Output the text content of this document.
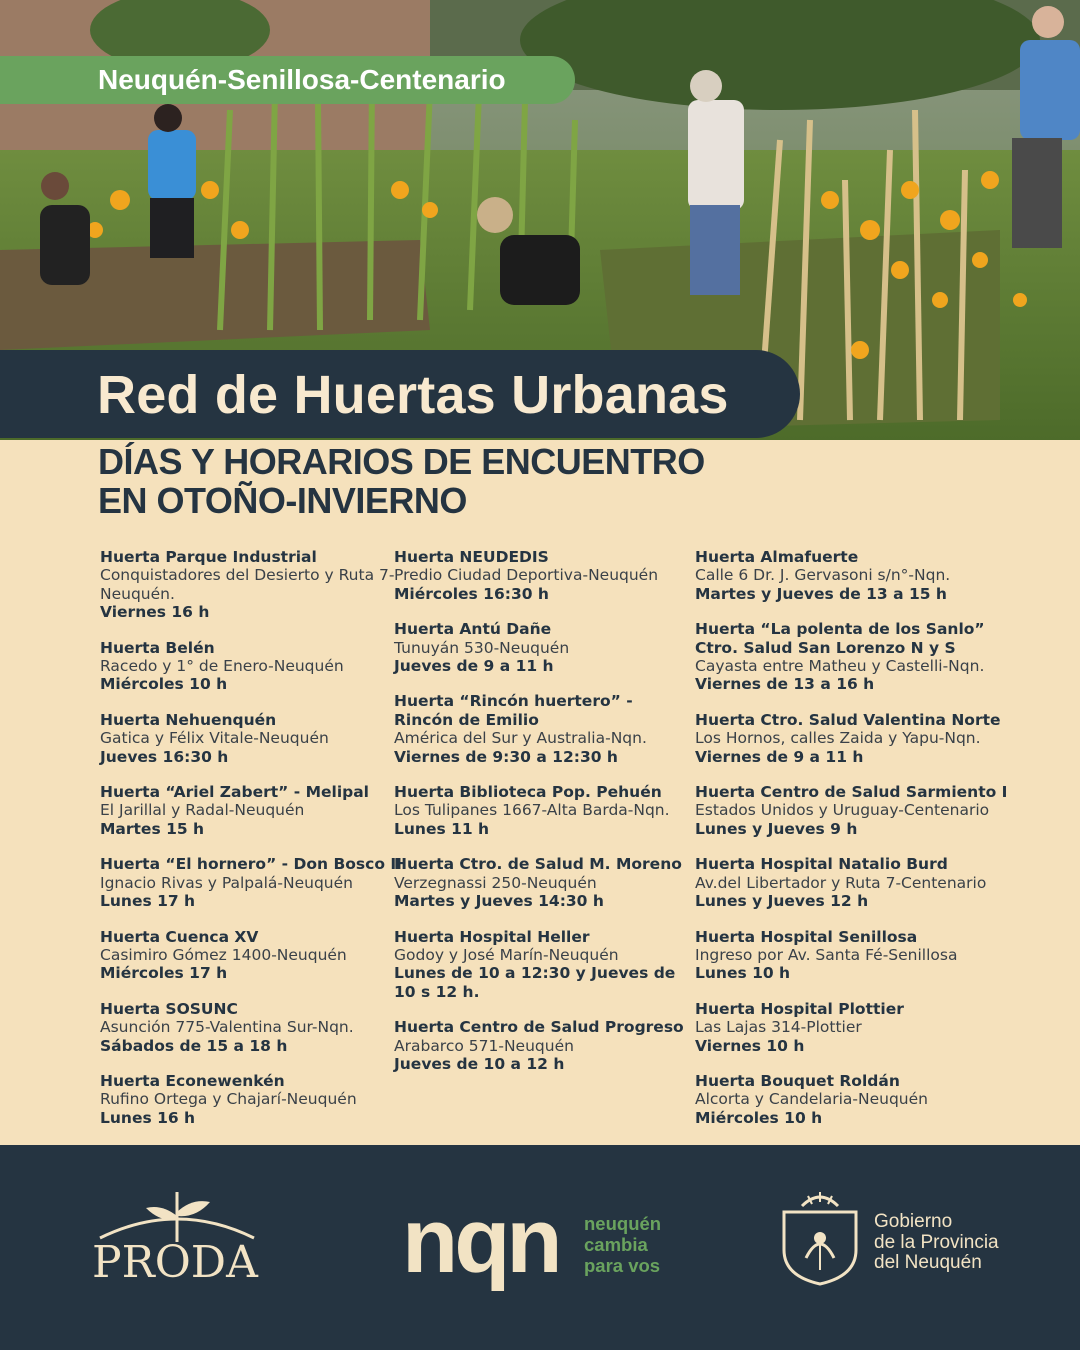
Neuquén-Senillosa-Centenario
Red de Huertas Urbanas
DÍAS Y HORARIOS DE ENCUENTRO
EN OTOÑO-INVIERNO
Huerta Parque Industrial
Conquistadores del Desierto y Ruta 7-Neuquén.
Viernes 16 h
Huerta Belén
Racedo y 1° de Enero-Neuquén
Miércoles 10 h
Huerta Nehuenquén
Gatica y Félix Vitale-Neuquén
Jueves 16:30 h
Huerta “Ariel Zabert” - Melipal
El Jarillal y Radal-Neuquén
Martes 15 h
Huerta “El hornero” - Don Bosco II
Ignacio Rivas y Palpalá-Neuquén
Lunes 17 h
Huerta Cuenca XV
Casimiro Gómez 1400-Neuquén
Miércoles 17 h
Huerta SOSUNC
Asunción 775-Valentina Sur-Nqn.
Sábados de 15 a 18 h
Huerta Econewenkén
Rufino Ortega y Chajarí-Neuquén
Lunes 16 h
Huerta NEUDEDIS
Predio Ciudad Deportiva-Neuquén
Miércoles 16:30 h
Huerta Antú Dañe
Tunuyán 530-Neuquén
Jueves de 9 a 11 h
Huerta “Rincón huertero” - Rincón de Emilio
América del Sur y Australia-Nqn.
Viernes de 9:30 a 12:30 h
Huerta Biblioteca Pop. Pehuén
Los Tulipanes 1667-Alta Barda-Nqn.
Lunes 11 h
Huerta Ctro. de Salud M. Moreno
Verzegnassi 250-Neuquén
Martes y Jueves 14:30 h
Huerta Hospital Heller
Godoy y José Marín-Neuquén
Lunes de 10 a 12:30 y Jueves de 10 s 12 h.
Huerta Centro de Salud Progreso
Arabarco 571-Neuquén
Jueves de 10 a 12 h
Huerta Almafuerte
Calle 6 Dr. J. Gervasoni s/n°-Nqn.
Martes y Jueves de 13 a 15 h
Huerta “La polenta de los Sanlo” Ctro. Salud San Lorenzo N y S
Cayasta entre Matheu y Castelli-Nqn.
Viernes de 13 a 16 h
Huerta Ctro. Salud Valentina Norte
Los Hornos, calles Zaida y Yapu-Nqn.
Viernes de 9 a 11 h
Huerta Centro de Salud Sarmiento I
Estados Unidos y Uruguay-Centenario
Lunes y Jueves 9 h
Huerta Hospital Natalio Burd
Av.del Libertador y Ruta 7-Centenario
Lunes y Jueves 12 h
Huerta Hospital Senillosa
Ingreso por Av. Santa Fé-Senillosa
Lunes 10 h
Huerta Hospital Plottier
Las Lajas 314-Plottier
Viernes 10 h
Huerta Bouquet Roldán
Alcorta y Candelaria-Neuquén
Miércoles 10 h
PRODA nqn neuquén
cambia
para vos
Gobierno
de la Provincia
del Neuquén
